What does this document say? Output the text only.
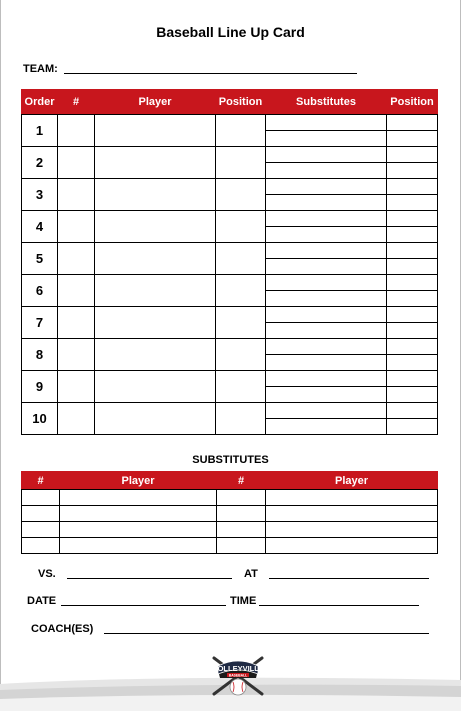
Baseball Line Up Card
TEAM:
Order	#	Player	Position	Substitutes	Position
1				

2				

3				

4				

5				

6				

7				

8				

9				

10				

SUBSTITUTES
#	Player	#	Player

VS.	AT
DATE	TIME
COACH(ES)
COLLEYVILLE
BASEBALL
